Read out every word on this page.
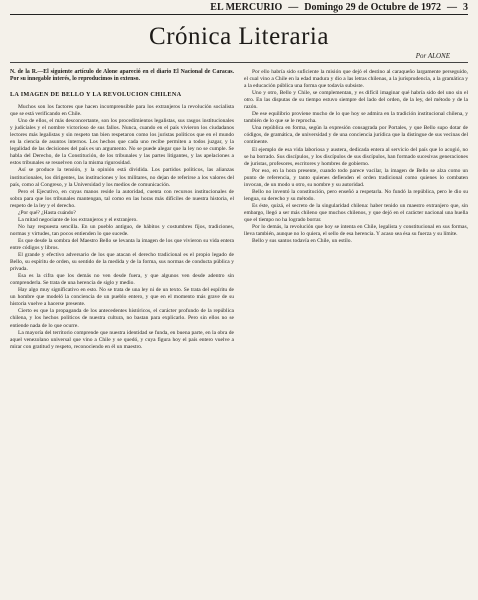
EL MERCURIO — Domingo 29 de Octubre de 1972 — 3
Crónica Literaria
Por ALONE

N. de la R.—El siguiente artículo de Alone apareció en el diario El Nacional de Caracas. Por su innegable interés, lo reproducimos in extenso.

LA IMAGEN DE BELLO Y LA REVOLUCION CHILENA

Muchos son los factores que hacen incomprensible para los extranjeros la revolución socialista que se está verificando en Chile.

Uno de ellos, el más desconcertante, son los procedimientos legalistas, sus rasgos institucionales y judiciales y el nombre victorioso de sus fallos. Nunca, cuando en el país vivieron los ciudadanos lectores más legalistas y sin respeto tan bien respetaron como los juristas políticos que en el mundo en la ciencia de asuntos internos. Los hechos que cada uno recibe permiten a todos juzgar, y la legalidad de las decisiones del país es un argumento. No se puede alegar que la ley no se cumple. Se habla del Derecho, de la Constitución, de los tribunales y las partes litigantes, y las apelaciones a estos tribunales se resuelven con la misma rigurosidad.

Así se produce la tensión, y la opinión está dividida. Los partidos políticos, las alianzas institucionales, los dirigentes, las instituciones y los militares, no dejan de referirse a los valores del país, como al Congreso, y la Universidad y los medios de comunicación.

Pero el Ejecutivo, en cuyas manos reside la autoridad, cuenta con recursos institucionales de sobra para que los tribunales mantengan, tal como en las horas más difíciles de nuestra historia, el respeto de la ley y el derecho.

¿Por qué? ¿Hasta cuándo?

La mitad negociante de los extranjeros y el extranjero.

No hay respuesta sencilla. En un pueblo antiguo, de hábitos y costumbres fijos, tradiciones, normas y virtudes, tan pocos entienden lo que sucede.

Es que desde la sombra del Maestro Bello se levanta la imagen de los que vivieron su vida entera entre códigos y libros.

El grande y efectivo adversario de los que atacan el derecho tradicional es el propio legado de Bello, su espíritu de orden, su sentido de la medida y de la forma, sus normas de conducta pública y privada.

Esa es la cifra que los demás no ven desde fuera, y que algunos ven desde adentro sin comprenderla. Se trata de una herencia de siglo y medio.

Hay algo muy significativo en esto. No se trata de una ley ni de un texto. Se trata del espíritu de un hombre que modeló la conciencia de un pueblo entero, y que en el momento más grave de su historia vuelve a hacerse presente.

Cierto es que la propaganda de los antecedentes históricos, el carácter profundo de la república chilena, y los hechos políticos de nuestra cultura, no bastan para explicarlo. Pero sin ellos no se entiende nada de lo que ocurre.

La mayoría del territorio comprende que nuestra identidad se funda, en buena parte, en la obra de aquel venezolano universal que vino a Chile y se quedó, y cuya figura hoy el país entero vuelve a mirar con gratitud y respeto, reconociendo en él un maestro.

Por ello habría sido suficiente la misión que dejó el destino al caraqueño largamente perseguido, el cual vino a Chile en la edad madura y dio a las letras chilenas, a la jurisprudencia, a la gramática y a la educación pública una forma que todavía subsiste.

Uno y otro, Bello y Chile, se complementan, y es difícil imaginar qué habría sido del uno sin el otro. En las disputas de su tiempo estuvo siempre del lado del orden, de la ley, del método y de la razón.

De ese equilibrio proviene mucho de lo que hoy se admira en la tradición institucional chilena, y también de lo que se le reprocha.

Una república en forma, según la expresión consagrada por Portales, y que Bello supo dotar de códigos, de gramática, de universidad y de una conciencia jurídica que la distingue de sus vecinas del continente.

El ejemplo de esa vida laboriosa y austera, dedicada entera al servicio del país que lo acogió, no se ha borrado. Sus discípulos, y los discípulos de sus discípulos, han formado sucesivas generaciones de juristas, profesores, escritores y hombres de gobierno.

Por eso, en la hora presente, cuando todo parece vacilar, la imagen de Bello se alza como un punto de referencia, y tanto quienes defienden el orden tradicional como quienes lo combaten invocan, de un modo u otro, su nombre y su autoridad.

Bello no inventó la constitución, pero enseñó a respetarla. No fundó la república, pero le dio su lengua, su derecho y su método.

Es éste, quizá, el secreto de la singularidad chilena: haber tenido un maestro extranjero que, sin embargo, llegó a ser más chileno que muchos chilenos, y que dejó en el carácter nacional una huella que el tiempo no ha logrado borrar.

Por lo demás, la revolución que hoy se intenta en Chile, legalista y constitucional en sus formas, lleva también, aunque no lo quiera, el sello de esa herencia. Y acaso sea ésa su fuerza y su límite.

Bello y sus santos todavía en Chile, un estilo.
